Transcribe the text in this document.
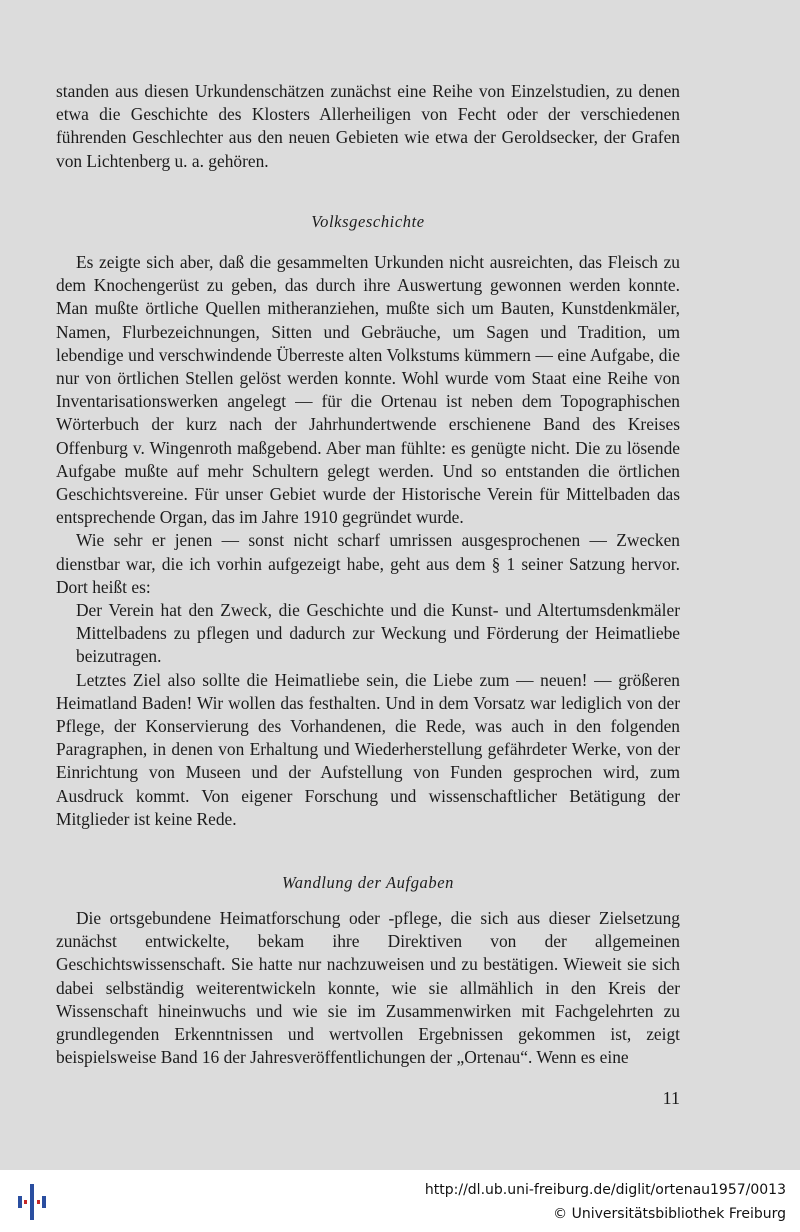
standen aus diesen Urkundenschätzen zunächst eine Reihe von Einzelstudien, zu denen etwa die Geschichte des Klosters Allerheiligen von Fecht oder der verschiedenen führenden Geschlechter aus den neuen Gebieten wie etwa der Geroldsecker, der Grafen von Lichtenberg u. a. gehören.

Volksgeschichte

Es zeigte sich aber, daß die gesammelten Urkunden nicht ausreichten, das Fleisch zu dem Knochengerüst zu geben, das durch ihre Auswertung gewonnen werden konnte. Man mußte örtliche Quellen mitheranziehen, mußte sich um Bauten, Kunstdenkmäler, Namen, Flurbezeichnungen, Sitten und Gebräuche, um Sagen und Tradition, um lebendige und verschwindende Überreste alten Volkstums kümmern — eine Aufgabe, die nur von örtlichen Stellen gelöst werden konnte. Wohl wurde vom Staat eine Reihe von Inventarisationswerken angelegt — für die Ortenau ist neben dem Topographischen Wörterbuch der kurz nach der Jahrhundertwende erschienene Band des Kreises Offenburg v. Wingenroth maßgebend. Aber man fühlte: es genügte nicht. Die zu lösende Aufgabe mußte auf mehr Schultern gelegt werden. Und so entstanden die örtlichen Geschichtsvereine. Für unser Gebiet wurde der Historische Verein für Mittelbaden das entsprechende Organ, das im Jahre 1910 gegründet wurde.

Wie sehr er jenen — sonst nicht scharf umrissen ausgesprochenen — Zwecken dienstbar war, die ich vorhin aufgezeigt habe, geht aus dem § 1 seiner Satzung hervor. Dort heißt es:

Der Verein hat den Zweck, die Geschichte und die Kunst- und Altertumsdenkmäler Mittelbadens zu pflegen und dadurch zur Weckung und Förderung der Heimatliebe beizutragen.

Letztes Ziel also sollte die Heimatliebe sein, die Liebe zum — neuen! — größeren Heimatland Baden! Wir wollen das festhalten. Und in dem Vorsatz war lediglich von der Pflege, der Konservierung des Vorhandenen, die Rede, was auch in den folgenden Paragraphen, in denen von Erhaltung und Wiederherstellung gefährdeter Werke, von der Einrichtung von Museen und der Aufstellung von Funden gesprochen wird, zum Ausdruck kommt. Von eigener Forschung und wissenschaftlicher Betätigung der Mitglieder ist keine Rede.

Wandlung der Aufgaben

Die ortsgebundene Heimatforschung oder -pflege, die sich aus dieser Zielsetzung zunächst entwickelte, bekam ihre Direktiven von der allgemeinen Geschichtswissenschaft. Sie hatte nur nachzuweisen und zu bestätigen. Wieweit sie sich dabei selbständig weiterentwickeln konnte, wie sie allmählich in den Kreis der Wissenschaft hineinwuchs und wie sie im Zusammenwirken mit Fachgelehrten zu grundlegenden Erkenntnissen und wertvollen Ergebnissen gekommen ist, zeigt beispielsweise Band 16 der Jahresveröffentlichungen der „Ortenau“. Wenn es eine

11
http://dl.ub.uni-freiburg.de/diglit/ortenau1957/0013
© Universitätsbibliothek Freiburg
